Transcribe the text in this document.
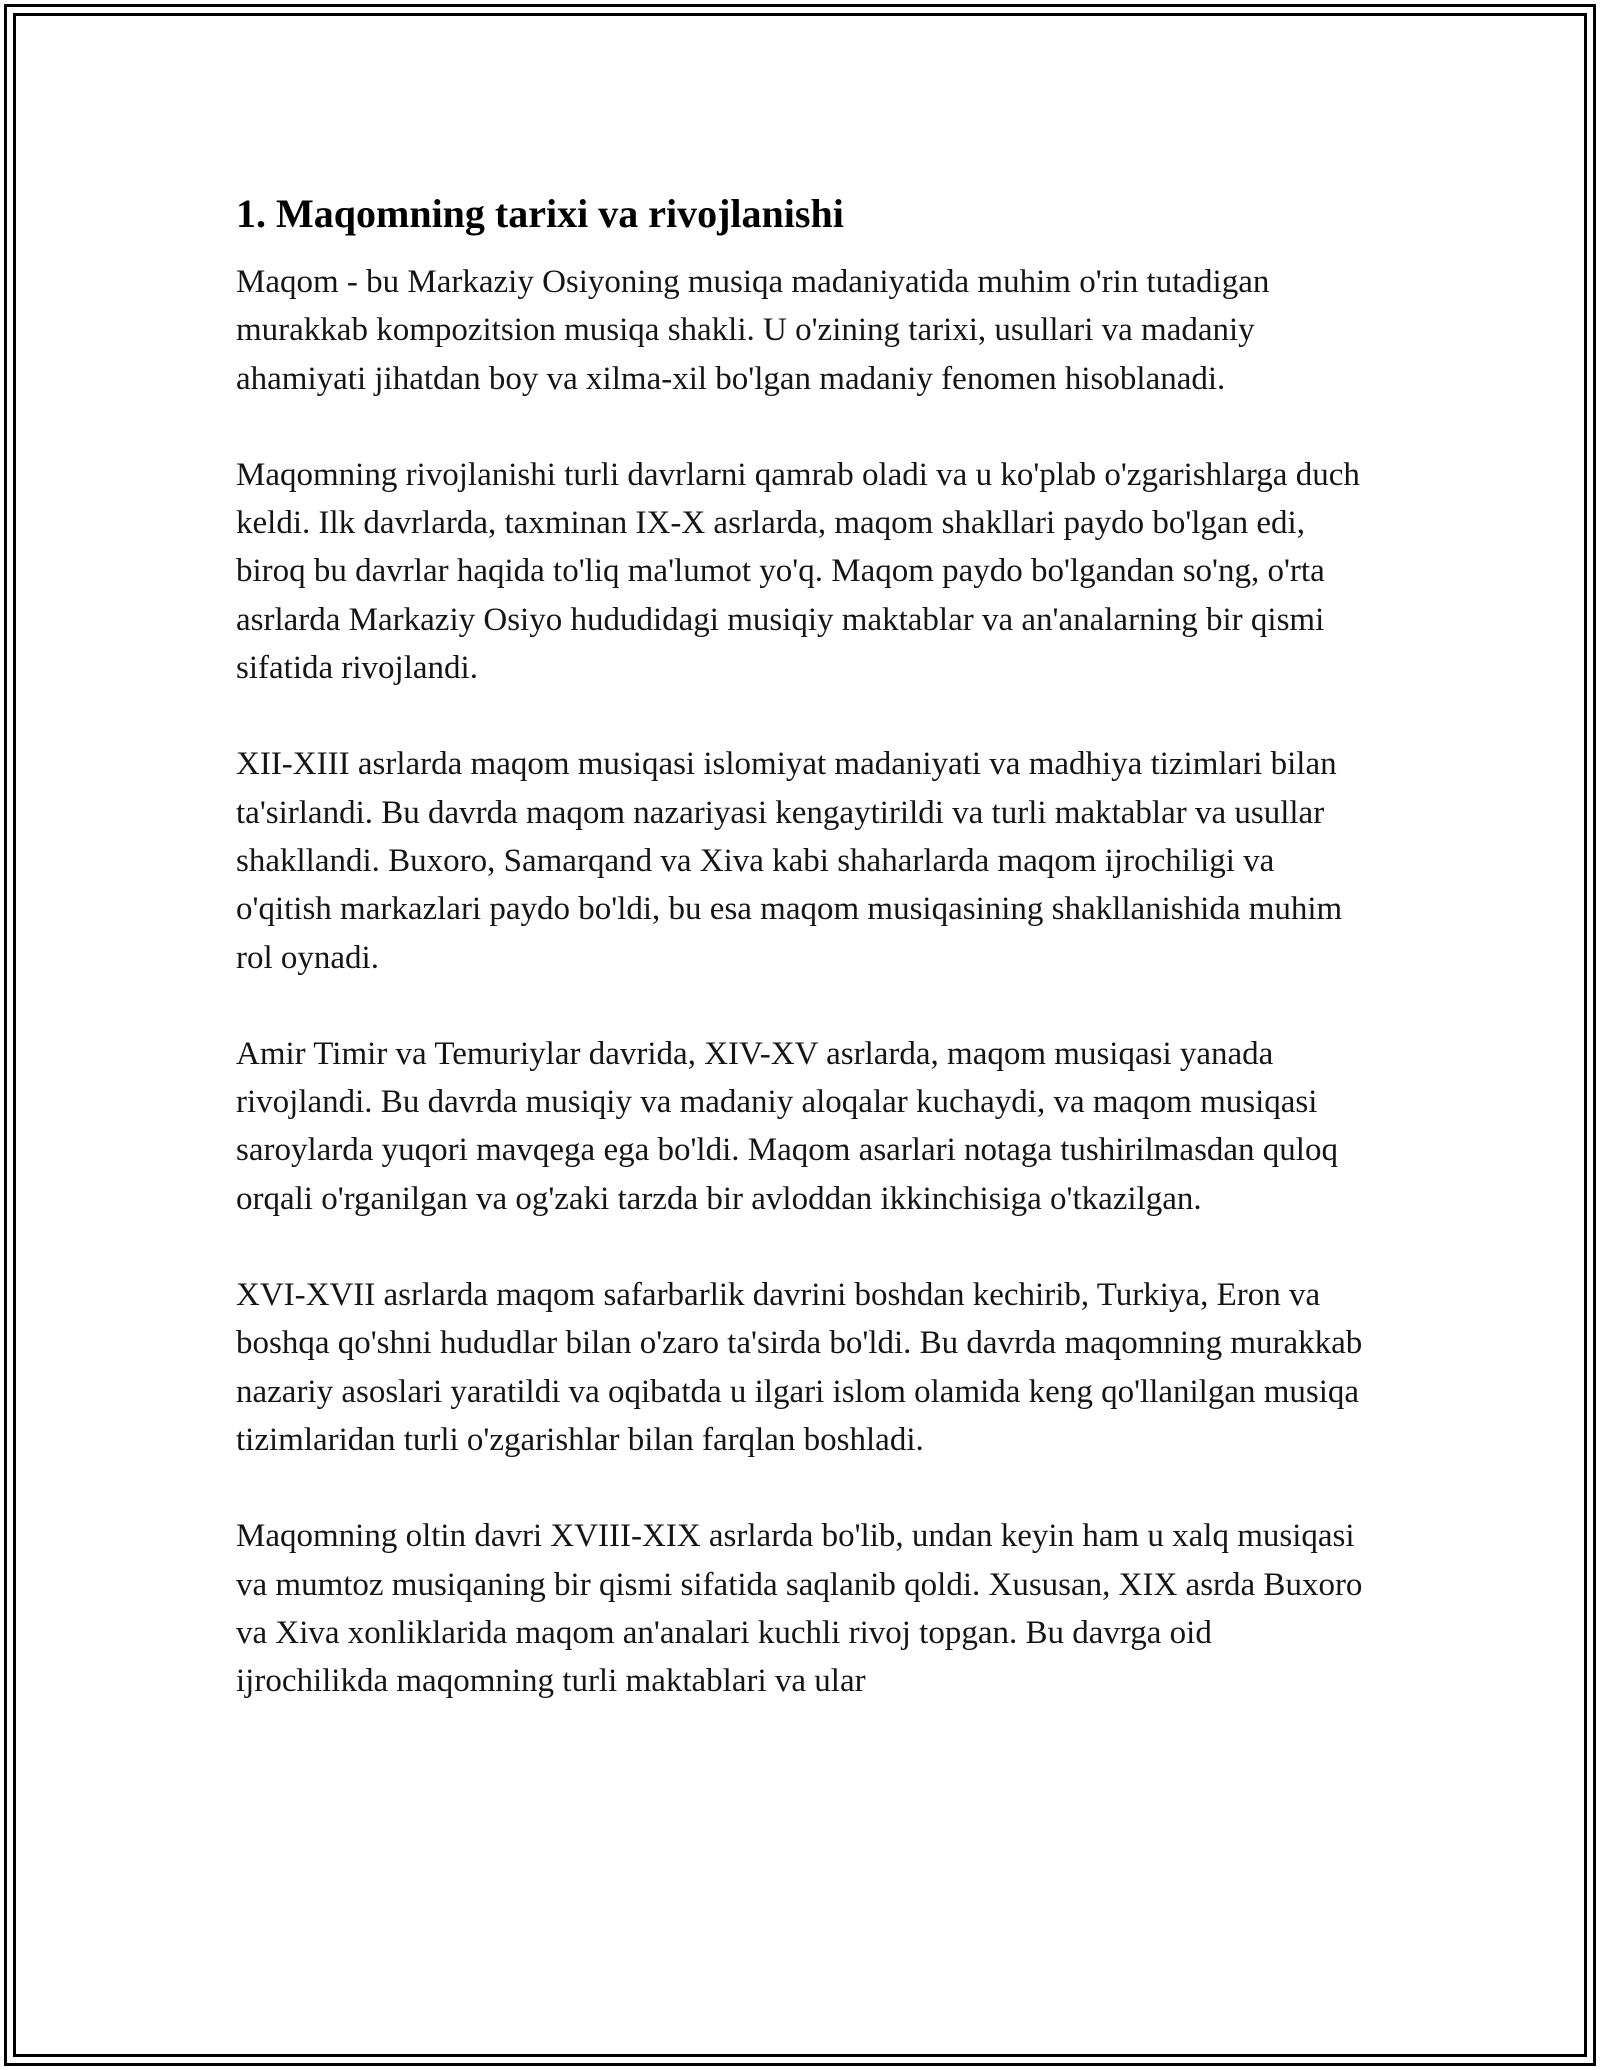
1. Maqomning tarixi va rivojlanishi

Maqom - bu Markaziy Osiyoning musiqa madaniyatida muhim o'rin tutadigan murakkab kompozitsion musiqa shakli. U o'zining tarixi, usullari va madaniy ahamiyati jihatdan boy va xilma-xil bo'lgan madaniy fenomen hisoblanadi.

Maqomning rivojlanishi turli davrlarni qamrab oladi va u ko'plab o'zgarishlarga duch keldi. Ilk davrlarda, taxminan IX-X asrlarda, maqom shakllari paydo bo'lgan edi, biroq bu davrlar haqida to'liq ma'lumot yo'q. Maqom paydo bo'lgandan so'ng, o'rta asrlarda Markaziy Osiyo hududidagi musiqiy maktablar va an'analarning bir qismi sifatida rivojlandi.

XII-XIII asrlarda maqom musiqasi islomiyat madaniyati va madhiya tizimlari bilan ta'sirlandi. Bu davrda maqom nazariyasi kengaytirildi va turli maktablar va usullar shakllandi. Buxoro, Samarqand va Xiva kabi shaharlarda maqom ijrochiligi va o'qitish markazlari paydo bo'ldi, bu esa maqom musiqasining shakllanishida muhim rol oynadi.

Amir Timir va Temuriylar davrida, XIV-XV asrlarda, maqom musiqasi yanada rivojlandi. Bu davrda musiqiy va madaniy aloqalar kuchaydi, va maqom musiqasi saroylarda yuqori mavqega ega bo'ldi. Maqom asarlari notaga tushirilmasdan quloq orqali o'rganilgan va og'zaki tarzda bir avloddan ikkinchisiga o'tkazilgan.

XVI-XVII asrlarda maqom safarbarlik davrini boshdan kechirib, Turkiya, Eron va boshqa qo'shni hududlar bilan o'zaro ta'sirda bo'ldi. Bu davrda maqomning murakkab nazariy asoslari yaratildi va oqibatda u ilgari islom olamida keng qo'llanilgan musiqa tizimlaridan turli o'zgarishlar bilan farqlan boshladi.

Maqomning oltin davri XVIII-XIX asrlarda bo'lib, undan keyin ham u xalq musiqasi va mumtoz musiqaning bir qismi sifatida saqlanib qoldi. Xususan, XIX asrda Buxoro va Xiva xonliklarida maqom an'analari kuchli rivoj topgan. Bu davrga oid ijrochilikda maqomning turli maktablari va ular
